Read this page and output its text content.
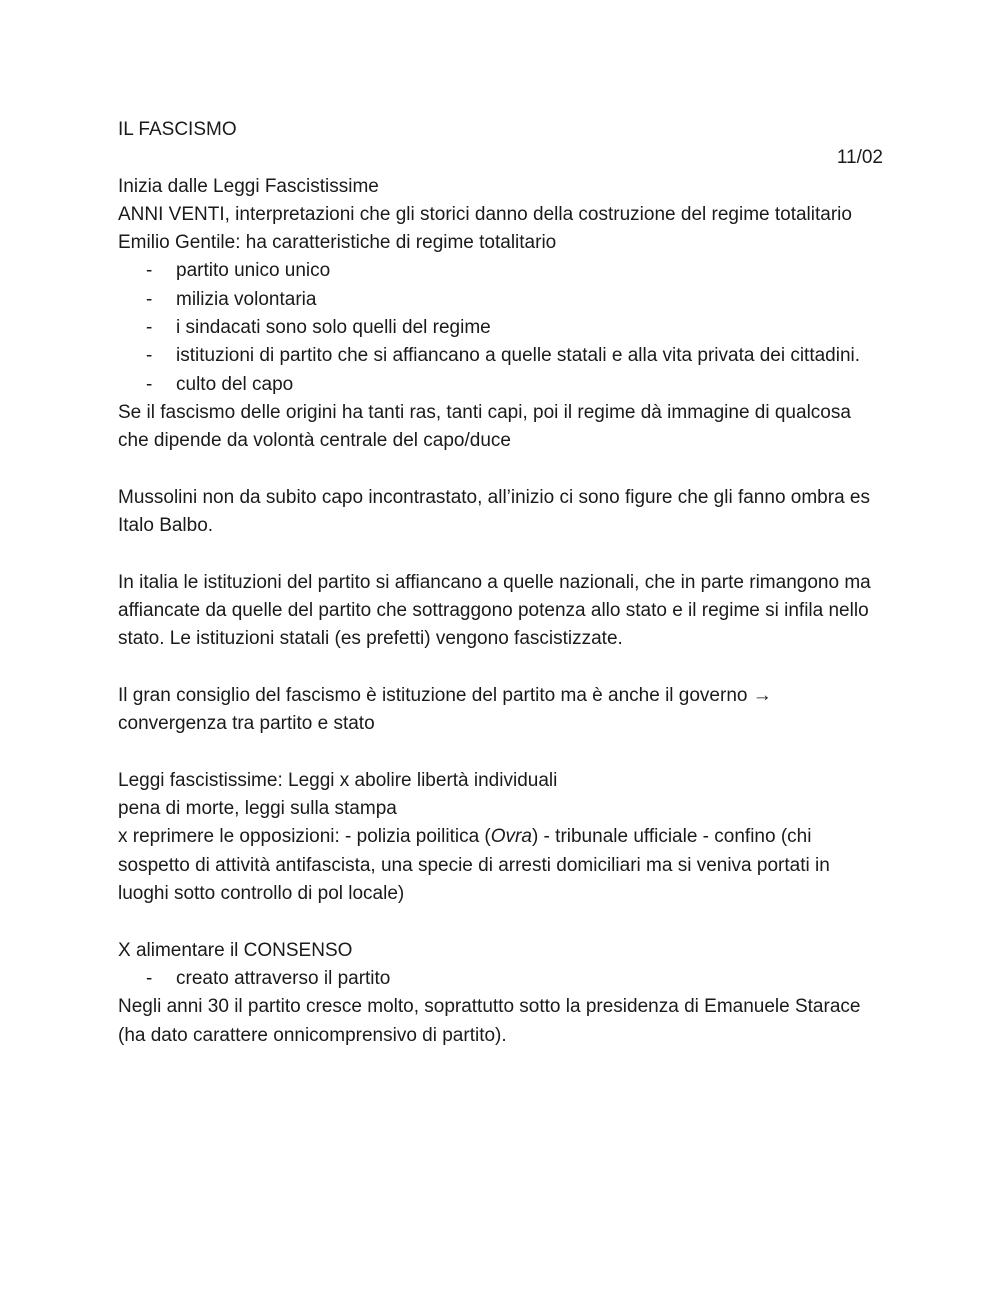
IL FASCISMO

11/02

Inizia dalle Leggi Fascistissime

ANNI VENTI, interpretazioni che gli storici danno della costruzione del regime totalitario

Emilio Gentile: ha caratteristiche di regime totalitario

- partito unico unico
- milizia volontaria
- i sindacati sono solo quelli del regime
- istituzioni di partito che si affiancano a quelle statali e alla vita privata dei cittadini.
- culto del capo

Se il fascismo delle origini ha tanti ras, tanti capi, poi il regime dà immagine di qualcosa che dipende da volontà centrale del capo/duce

Mussolini non da subito capo incontrastato, all’inizio ci sono figure che gli fanno ombra es Italo Balbo.

In italia le istituzioni del partito si affiancano a quelle nazionali, che in parte rimangono ma affiancate da quelle del partito che sottraggono potenza allo stato e il regime si infila nello stato. Le istituzioni statali (es prefetti) vengono fascistizzate.

Il gran consiglio del fascismo è istituzione del partito ma è anche il governo → convergenza tra partito e stato

Leggi fascistissime: Leggi x abolire libertà individuali

pena di morte, leggi sulla stampa

x reprimere le opposizioni: - polizia poilitica (Ovra) - tribunale ufficiale - confino (chi sospetto di attività antifascista, una specie di arresti domiciliari ma si veniva portati in luoghi sotto controllo di pol locale)

X alimentare il CONSENSO

- creato attraverso il partito

Negli anni 30 il partito cresce molto, soprattutto sotto la presidenza di Emanuele Starace (ha dato carattere onnicomprensivo di partito).
